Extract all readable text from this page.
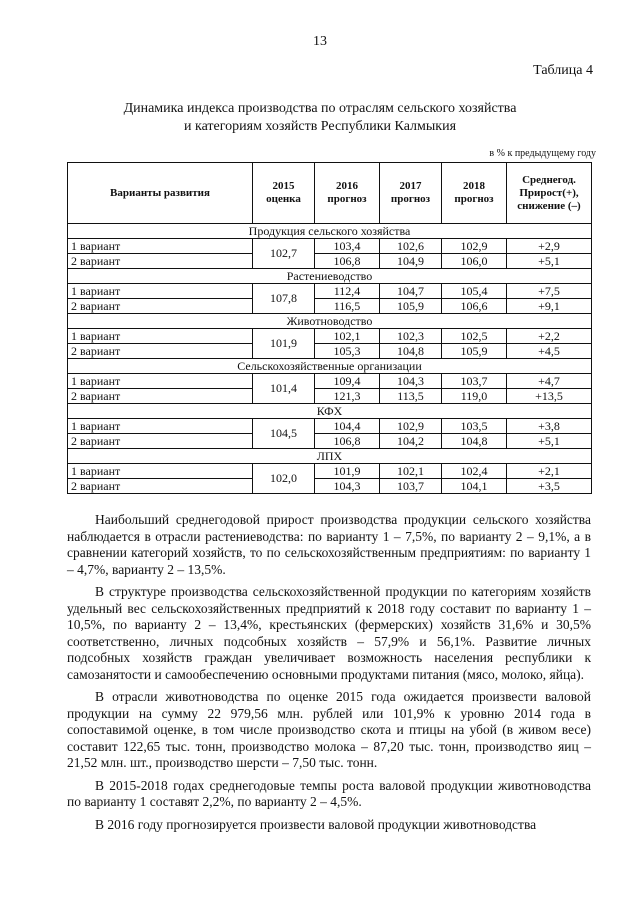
13
Таблица 4
Динамика индекса производства по отраслям сельского хозяйства
и категориям хозяйств Республики Калмыкия
в % к предыдущему году
Варианты развития	2015 оценка	2016 прогноз	2017 прогноз	2018 прогноз	Среднегод. Прирост(+), снижение (–)
Продукция сельского хозяйства					
1 вариант	102,7	103,4	102,6	102,9	+2,9
2 вариант		106,8	104,9	106,0	+5,1
Растениеводство					
1 вариант	107,8	112,4	104,7	105,4	+7,5
2 вариант		116,5	105,9	106,6	+9,1
Животноводство					
1 вариант	101,9	102,1	102,3	102,5	+2,2
2 вариант		105,3	104,8	105,9	+4,5
Сельскохозяйственные организации					
1 вариант	101,4	109,4	104,3	103,7	+4,7
2 вариант		121,3	113,5	119,0	+13,5
КФХ					
1 вариант	104,5	104,4	102,9	103,5	+3,8
2 вариант		106,8	104,2	104,8	+5,1
ЛПХ					
1 вариант	102,0	101,9	102,1	102,4	+2,1
2 вариант		104,3	103,7	104,1	+3,5

Наибольший среднегодовой прирост производства продукции сельского хозяйства наблюдается в отрасли растениеводства: по варианту 1 – 7,5%, по варианту 2 – 9,1%, а в сравнении категорий хозяйств, то по сельскохозяйственным предприятиям: по варианту 1 – 4,7%, варианту 2 – 13,5%.

В структуре производства сельскохозяйственной продукции по категориям хозяйств удельный вес сельскохозяйственных предприятий к 2018 году составит по варианту 1 – 10,5%, по варианту 2 – 13,4%, крестьянских (фермерских) хозяйств 31,6% и 30,5% соответственно, личных подсобных хозяйств – 57,9% и 56,1%. Развитие личных подсобных хозяйств граждан увеличивает возможность населения республики к самозанятости и самообеспечению основными продуктами питания (мясо, молоко, яйца).

В отрасли животноводства по оценке 2015 года ожидается произвести валовой продукции на сумму 22 979,56 млн. рублей или 101,9% к уровню 2014 года в сопоставимой оценке, в том числе производство скота и птицы на убой (в живом весе) составит 122,65 тыс. тонн, производство молока – 87,20 тыс. тонн, производство яиц – 21,52 млн. шт., производство шерсти – 7,50 тыс. тонн.

В 2015-2018 годах среднегодовые темпы роста валовой продукции животноводства по варианту 1 составят 2,2%, по варианту 2 – 4,5%.

В 2016 году прогнозируется произвести валовой продукции животноводства
